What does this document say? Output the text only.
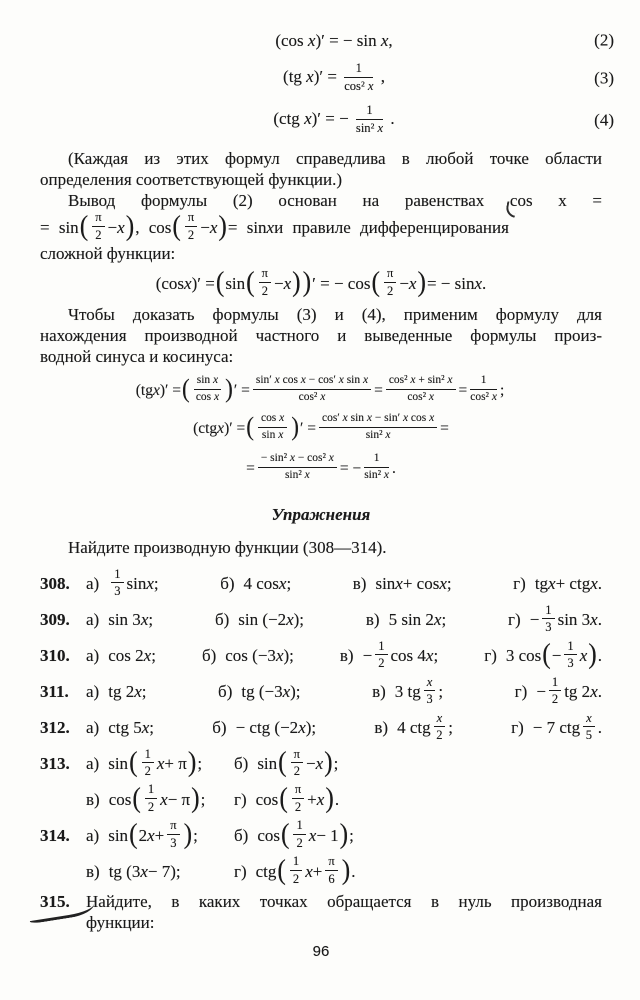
(cos x)′ = − sin x,	(2)
(tg $x)' = \frac{1}{\text{cos² x}}$ ,	(3)
(ctg x)′ = − $\frac{1}{\text{sin² x}}$ .	(4)

(Каждая из этих формул справедлива в любой точке области

определения соответствующей функции.)

Вывод формулы (2) основан на равенствах cos x =

= sin ( $\frac{\pi}{2} - x$ ) , cos ( $\frac{\pi}{2} - x$ ) = sin x и правиле дифференцирования

сложной функции:

(cos x )′ = ( sin ( $\frac{\pi}{2} - x$ ) ) ′ = − cos ( $\frac{\pi}{2} - x$ ) = − sin x .

Чтобы доказать формулы (3) и (4), применим формулу для

нахождения производной частного и выведенные формулы произ-

водной синуса и косинуса:

(tg x )′ = ( $\frac{\text{sin x}}{\text{cos x}}$ ) ′ = $\frac{\text{sin′ x cos x − cos′ x sin x}}{\text{cos² x}} = \frac{\text{cos² x + sin² x}}{\text{cos² x}} = \frac{1}{\text{cos² x}}$ ;
(ctg x )′ = ( $\frac{\text{cos x}}{\text{sin x}}$ ) ′ = $\frac{\text{cos′ x sin x − sin′ x cos x}}{\text{sin² x}}$ =
= $\frac{\text{− sin² x − cos² x}}{\text{sin² x}}$ = − $\frac{1}{\text{sin² x}}$ .
Упражнения

Найдите производную функции (308—314).

308. $а) \frac{1}{3}$ sin x ;	б) 4 cos x ;	в) sin x + cos x ;	г) tg x + ctg x .
309. а) sin 3 x ;	б) sin (−2 x );	в) 5 sin 2 x ;	$г) - \frac{1}{3}$ sin 3 x .
310. а) cos 2 x ;	б) cos (−3 x );	$в) - \frac{1}{2}$ cos 4 x ;	г) 3 cos ( − $\frac{1}{3}$ x ) .
311.	а) tg 2 x ;	б) tg (−3 x );	в) 3 tg $\frac{x}{3}$ ;	$г) - \frac{1}{2}$ tg 2 x .
312. а) ctg 5 x ;	б) − ctg (−2 x );	в) 4 ctg $\frac{x}{2}$ ;	г) − 7 ctg $\frac{x}{5}$ .
313. а) sin ( $\frac{1}{2}$ x + π ) ; б) sin ( $\frac{\pi}{2} - x$ ) ;
в) cos ( $\frac{1}{2}$ x − π ) ; г) cos ( $\frac{\pi}{2} + x$ ) .
314. а) sin ( 2 $x + \frac{\pi}{3}$ ) ; б) cos ( $\frac{1}{2}$ x − 1 ) ;
в) tg (3 x − 7);	г) ctg ( $\frac{1}{2}$ $x + \frac{\pi}{6}$ ) .
315. Найдите, в каких точках обращается в нуль производная
функции:
96
